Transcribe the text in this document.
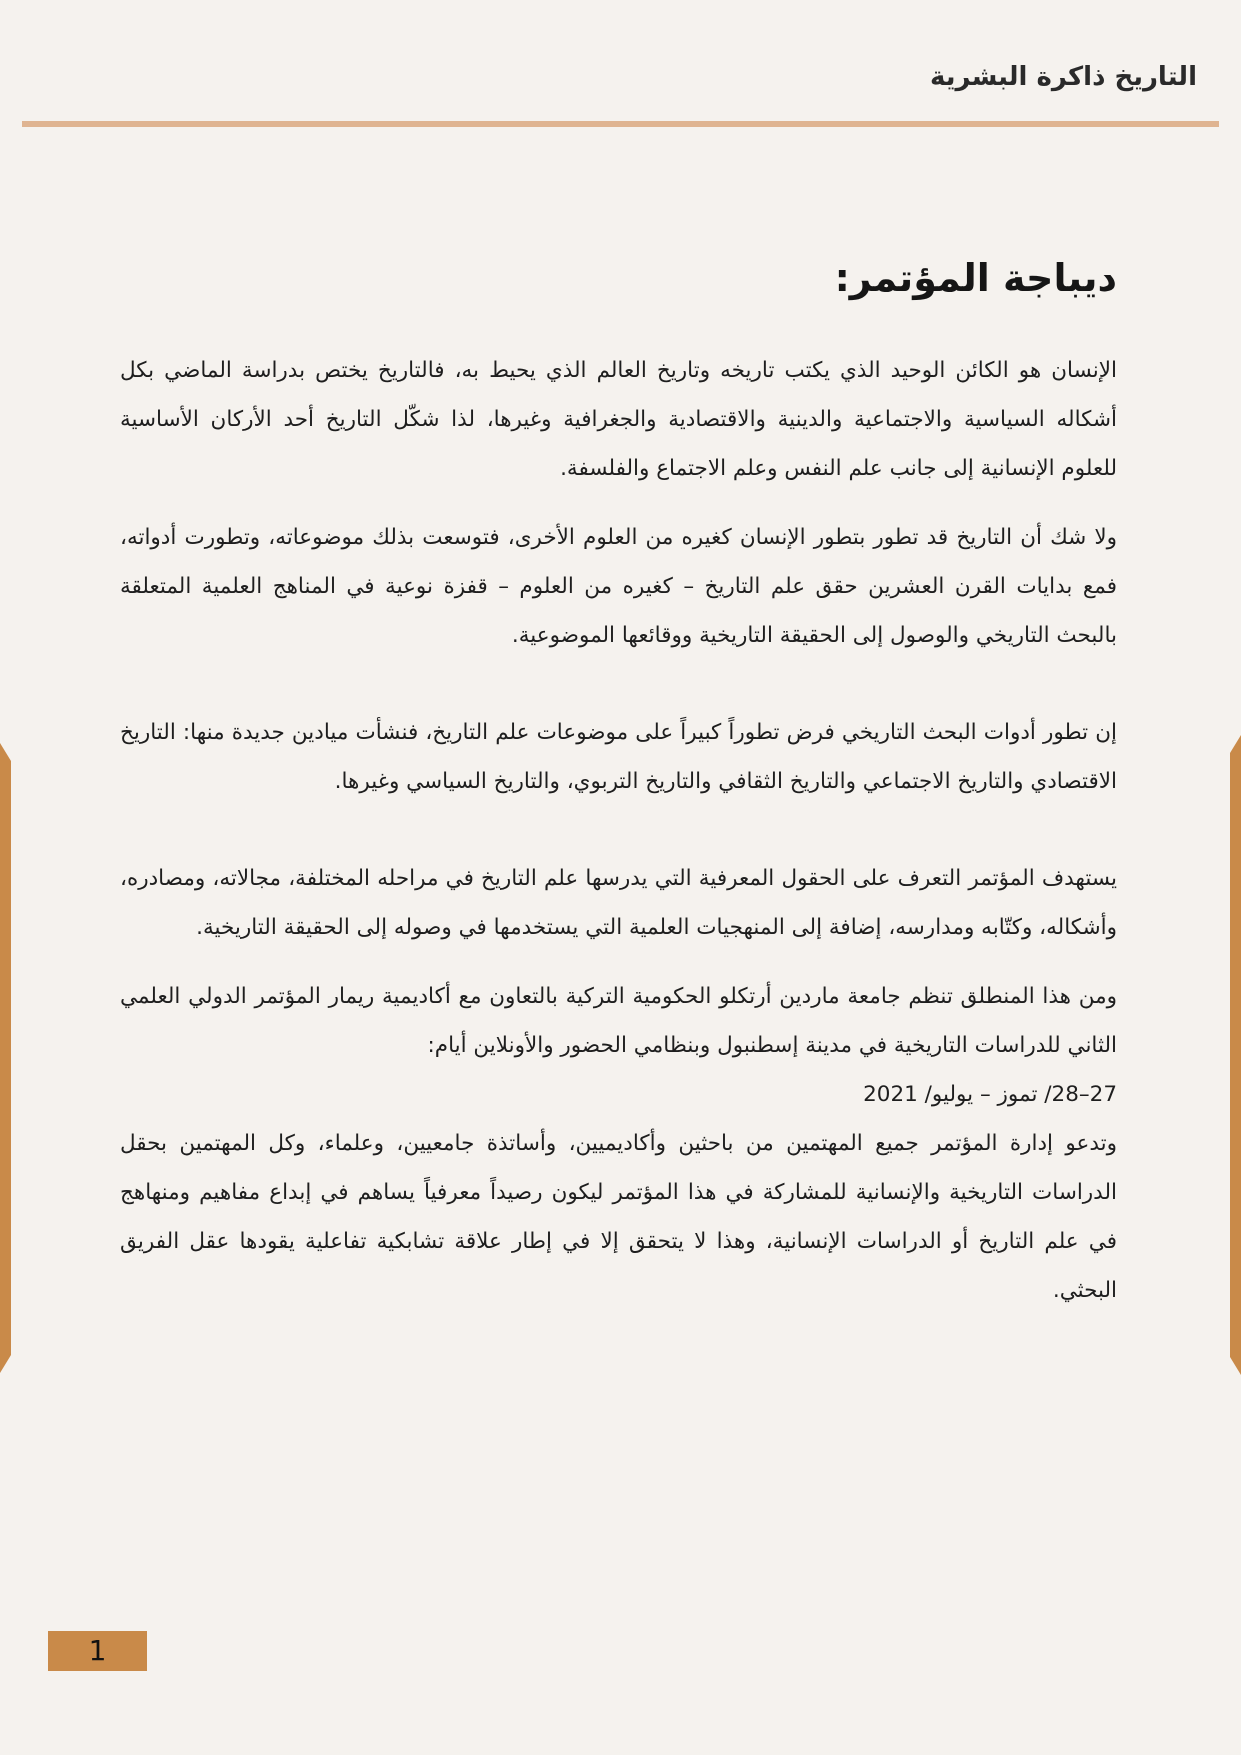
التاريخ ذاكرة البشرية
ديباجة المؤتمر:

الإنسان هو الكائن الوحيد الذي يكتب تاريخه وتاريخ العالم الذي يحيط به، فالتاريخ يختص بدراسة الماضي بكل أشكاله السياسية والاجتماعية والدينية والاقتصادية والجغرافية وغيرها، لذا شكّل التاريخ أحد الأركان الأساسية للعلوم الإنسانية إلى جانب علم النفس وعلم الاجتماع والفلسفة.

ولا شك أن التاريخ قد تطور بتطور الإنسان كغيره من العلوم الأخرى، فتوسعت بذلك موضوعاته، وتطورت أدواته، فمع بدايات القرن العشرين حقق علم التاريخ – كغيره من العلوم – قفزة نوعية في المناهج العلمية المتعلقة بالبحث التاريخي والوصول إلى الحقيقة التاريخية ووقائعها الموضوعية.

إن تطور أدوات البحث التاريخي فرض تطوراً كبيراً على موضوعات علم التاريخ، فنشأت ميادين جديدة منها: التاريخ الاقتصادي والتاريخ الاجتماعي والتاريخ الثقافي والتاريخ التربوي، والتاريخ السياسي وغيرها.

يستهدف المؤتمر التعرف على الحقول المعرفية التي يدرسها علم التاريخ في مراحله المختلفة، مجالاته، ومصادره، وأشكاله، وكتّابه ومدارسه، إضافة إلى المنهجيات العلمية التي يستخدمها في وصوله إلى الحقيقة التاريخية.

ومن هذا المنطلق تنظم جامعة ماردين أرتكلو الحكومية التركية بالتعاون مع أكاديمية ريمار المؤتمر الدولي العلمي الثاني للدراسات التاريخية في مدينة إسطنبول وبنظامي الحضور والأونلاين أيام:

27–28/ تموز – يوليو/ 2021

وتدعو إدارة المؤتمر جميع المهتمين من باحثين وأكاديميين، وأساتذة جامعيين، وعلماء، وكل المهتمين بحقل الدراسات التاريخية والإنسانية للمشاركة في هذا المؤتمر ليكون رصيداً معرفياً يساهم في إبداع مفاهيم ومنهاهج في علم التاريخ أو الدراسات الإنسانية، وهذا لا يتحقق إلا في إطار علاقة تشابكية تفاعلية يقودها عقل الفريق البحثي.

1
